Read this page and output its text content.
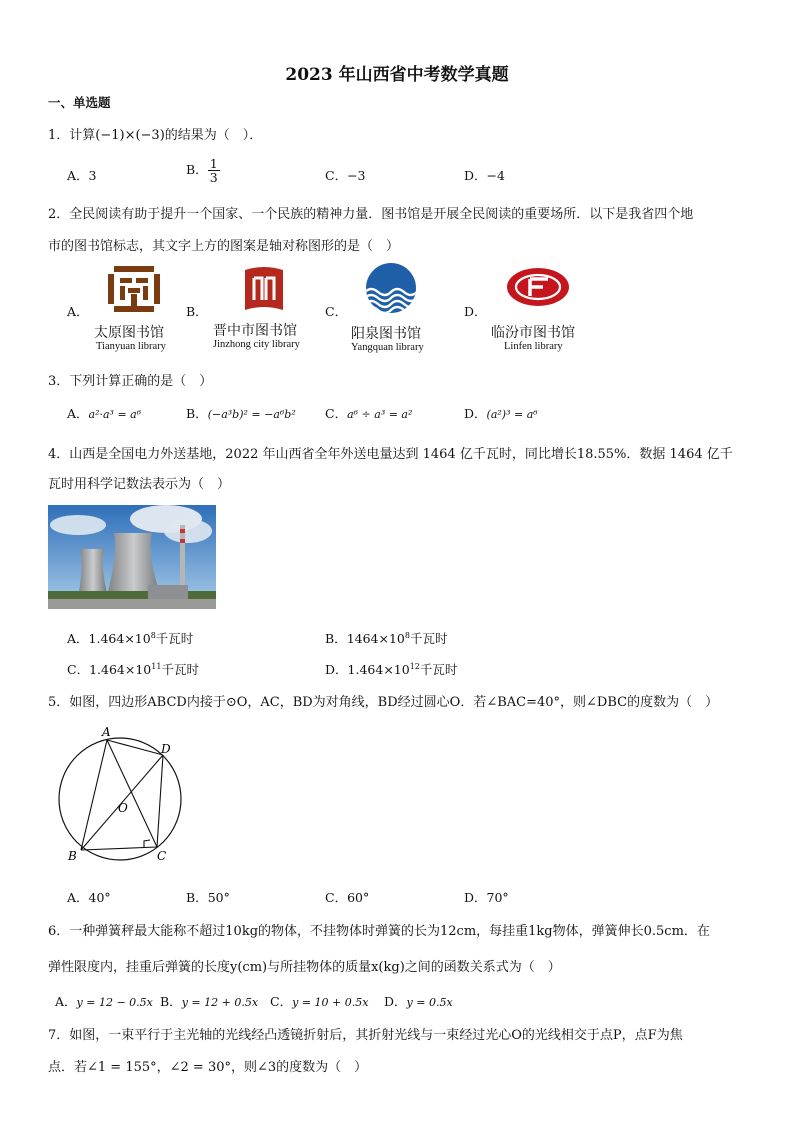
2023 年山西省中考数学真题
一、单选题
1．计算(−1)×(−3)的结果为（　）．
A．3	B． $\frac{1}{3}$	C．−3	D．−4
2．全民阅读有助于提升一个国家、一个民族的精神力量．图书馆是开展全民阅读的重要场所．以下是我省四个地
市的图书馆标志，其文字上方的图案是轴对称图形的是（　）
A．
太原图书馆
Tianyuan library
B．
晋中市图书馆
Jinzhong city library
C．
阳泉图书馆
Yangquan library
D．
临汾市图书馆
Linfen library
3．下列计算正确的是（　）
A．a²·a³ = a⁶	B．(−a³b)² = −a⁶b² C．a⁶ ÷ a³ = a²	D．(a²)³ = a⁶
4．山西是全国电力外送基地，2022 年山西省全年外送电量达到 1464 亿千瓦时，同比增长18.55%．数据 1464 亿千
瓦时用科学记数法表示为（　）
A．$1.464\times 10^8$千瓦时	B．$1464\times 10^8$千瓦时
C．$1.464\times 10^{11}$千瓦时	D．$1.464\times 10^{12}$千瓦时
5．如图，四边形ABCD内接于⊙O，AC，BD为对角线，BD经过圆心O．若∠BAC=40°，则∠DBC的度数为（　）
A
D
B	C
O
A．40°	B．50°	C．60°	D．70°
6．一种弹簧秤最大能称不超过10kg的物体，不挂物体时弹簧的长为12cm，每挂重1kg物体，弹簧伸长0.5cm．在
弹性限度内，挂重后弹簧的长度y(cm)与所挂物体的质量x(kg)之间的函数关系式为（　）
A．y = 12 − 0.5x B．y = 12 + 0.5x C．y = 10 + 0.5x D．y = 0.5x
7．如图，一束平行于主光轴的光线经凸透镜折射后，其折射光线与一束经过光心O的光线相交于点P，点F为焦
点．若∠1 = 155°，∠2 = 30°，则∠3的度数为（　）
